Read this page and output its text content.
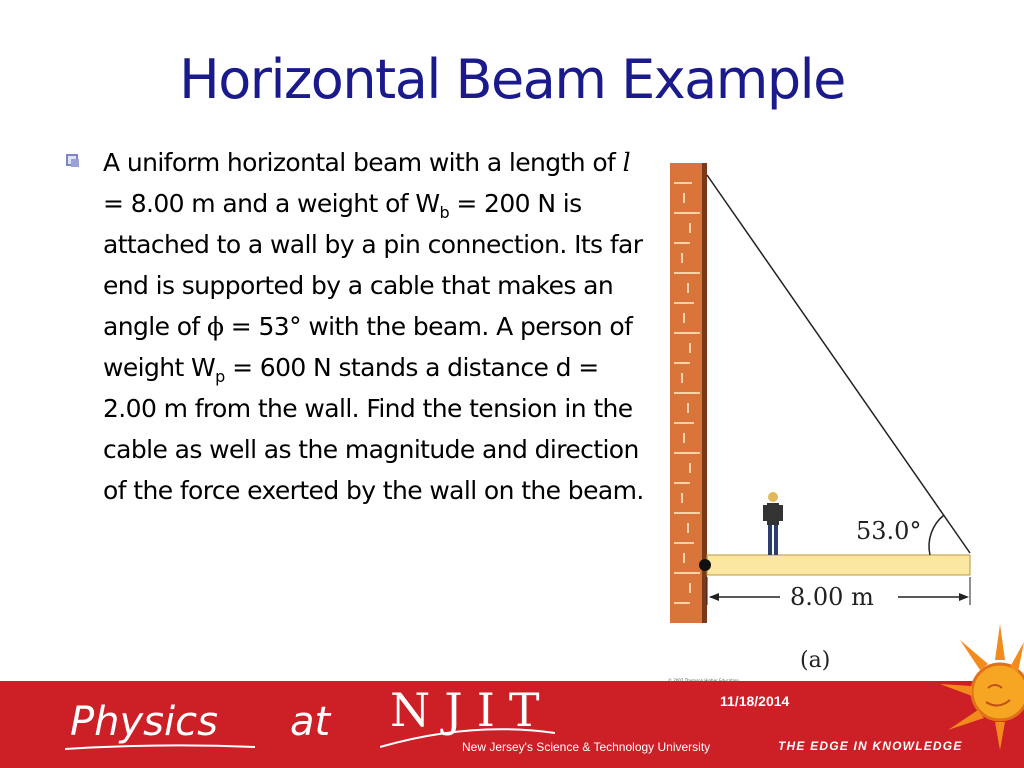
Horizontal Beam Example
A uniform horizontal beam with a length of l = 8.00 m and a weight of $W_b = 200$ N is attached to a wall by a pin connection. Its far end is supported by a cable that makes an angle of ϕ = 53° with the beam. A person of weight $W_p = 600$ N stands a distance d = 2.00 m from the wall. Find the tension in the cable as well as the magnitude and direction of the force exerted by the wall on the beam.
53.0°
8.00 m
(a)
Physics at NJIT
New Jersey's Science & Technology University
11/18/2014
THE EDGE IN KNOWLEDGE
